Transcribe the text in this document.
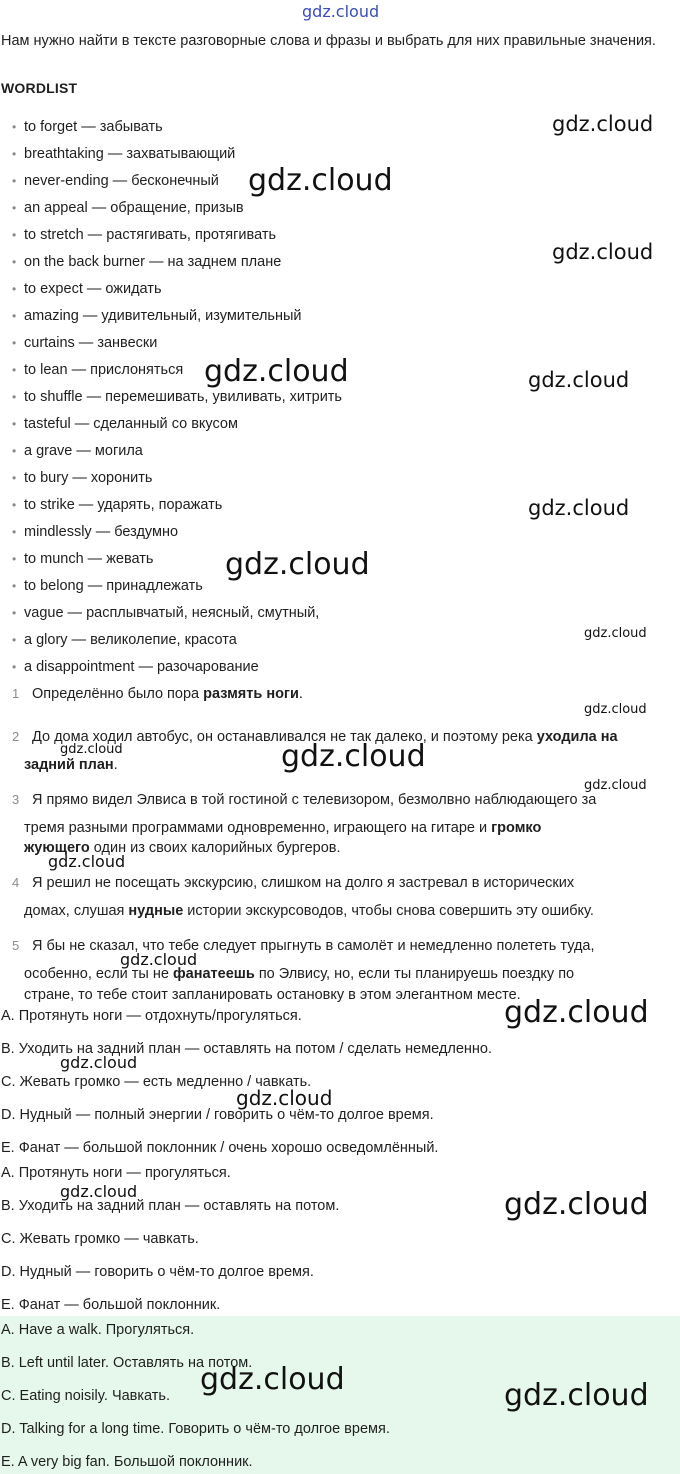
gdz.cloud
Нам нужно найти в тексте разговорные слова и фразы и выбрать для них правильные значения.
WORDLIST
• to forget — забывать
• breathtaking — захватывающий
• never-ending — бесконечный
• an appeal — обращение, призыв
• to stretch — растягивать, протягивать
• on the back burner — на заднем плане
• to expect — ожидать
• amazing — удивительный, изумительный
• curtains — занвески
• to lean — прислоняться
• to shuffle — перемешивать, увиливать, хитрить
• tasteful — сделанный со вкусом
• a grave — могила
• to bury — хоронить
• to strike — ударять, поражать
• mindlessly — бездумно
• to munch — жевать
• to belong — принадлежать
• vague — расплывчатый, неясный, смутный,
• a glory — великолепие, красота
• a disappointment — разочарование
1 Определённо было пора размять ноги.
2 До дома ходил автобус, он останавливался не так далеко, и поэтому река уходила на
задний план.
3 Я прямо видел Элвиса в той гостиной с телевизором, безмолвно наблюдающего за
тремя разными программами одновременно, играющего на гитаре и громко
жующего один из своих калорийных бургеров.
4 Я решил не посещать экскурсию, слишком на долго я застревал в исторических
домах, слушая нудные истории экскурсоводов, чтобы снова совершить эту ошибку.
5 Я бы не сказал, что тебе следует прыгнуть в самолёт и немедленно полететь туда,
особенно, если ты не фанатеешь по Элвису, но, если ты планируешь поездку по
стране, то тебе стоит запланировать остановку в этом элегантном месте.
A. Протянуть ноги — отдохнуть/прогуляться.
B. Уходить на задний план — оставлять на потом / сделать немедленно.
C. Жевать громко — есть медленно / чавкать.
D. Нудный — полный энергии / говорить о чём-то долгое время.
E. Фанат — большой поклонник / очень хорошо осведомлённый.
A. Протянуть ноги — прогуляться.
B. Уходить на задний план — оставлять на потом.
C. Жевать громко — чавкать.
D. Нудный — говорить о чём-то долгое время.
E. Фанат — большой поклонник.
A. Have a walk. Прогуляться.
B. Left until later. Оставлять на потом.
C. Eating noisily. Чавкать.
D. Talking for a long time. Говорить о чём-то долгое время.
E. A very big fan. Большой поклонник.
gdz.cloud
gdz.cloud
gdz.cloud
gdz.cloud	gdz.cloud
gdz.cloud
gdz.cloud
gdz.cloud
gdz.cloud
gdz.cloud	gdz.cloud
gdz.cloud
gdz.cloud
gdz.cloud
gdz.cloud
gdz.cloud
gdz.cloud
gdz.cloud	gdz.cloud
gdz.cloud	gdz.cloud
